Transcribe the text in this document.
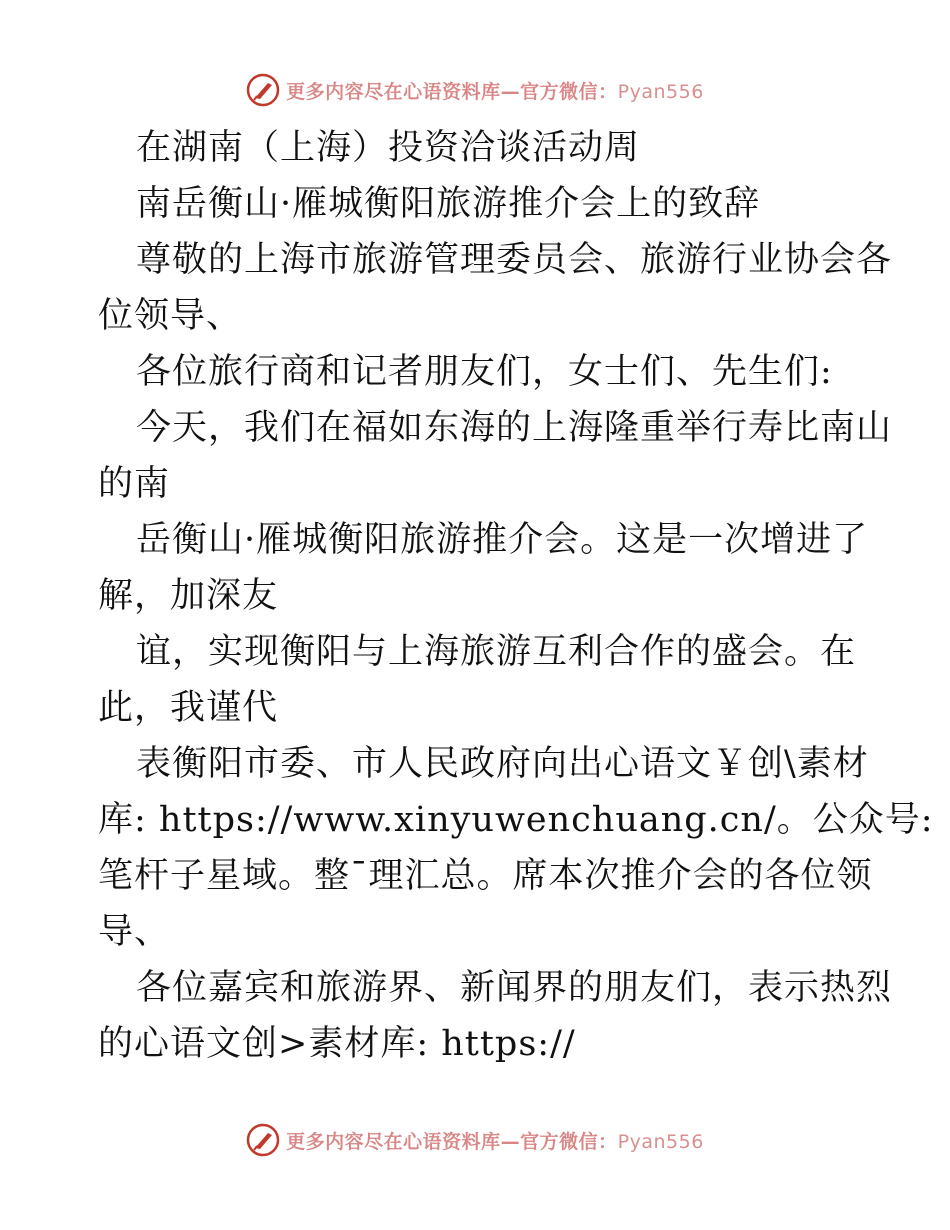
更多内容尽在心语资料库—官方微信：Pyan556
在湖南（上海）投资洽谈活动周
南岳衡山·雁城衡阳旅游推介会上的致辞
尊敬的上海市旅游管理委员会、旅游行业协会各
位领导、
各位旅行商和记者朋友们，女士们、先生们:
今天，我们在福如东海的上海隆重举行寿比南山
的南
岳衡山·雁城衡阳旅游推介会。这是一次增进了
解，加深友
谊，实现衡阳与上海旅游互利合作的盛会。在
此，我谨代
表衡阳市委、市人民政府向出心语文￥创\素材
库: https://www.xinyuwenchuang.cn/。公众号:
笔杆子星域。整¯理汇总。席本次推介会的各位领
导、
各位嘉宾和旅游界、新闻界的朋友们，表示热烈
的心语文创>素材库: https://
更多内容尽在心语资料库—官方微信：Pyan556
